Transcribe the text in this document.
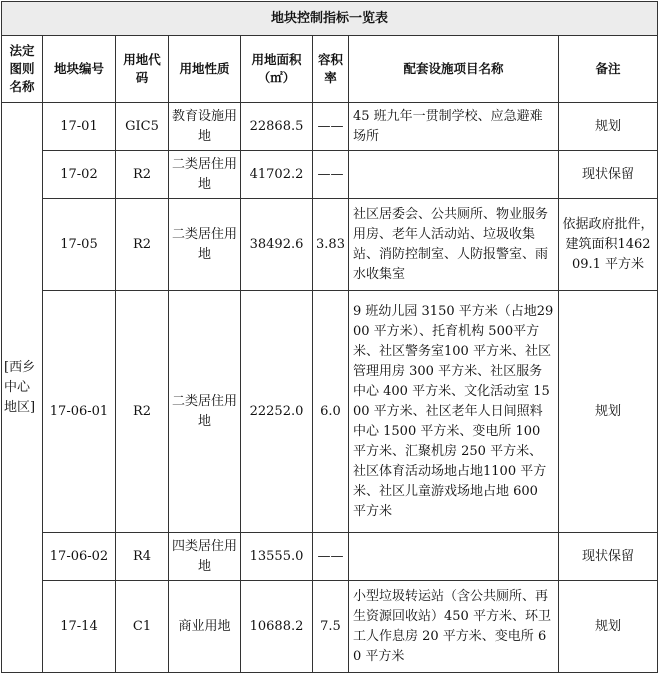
地块控制指标一览表							
法定图则名称	地块编号	用地代码	用地性质	用地面积（㎡）	容积率	配套设施项目名称	备注
[西乡中心地区]	17-01	GIC5	教育设施用地	22868.5	——	45 班九年一贯制学校、应急避难场所	规划
	17-02	R2	二类居住用地	41702.2	——		现状保留
	17-05	R2	二类居住用地	38492.6	3.83	社区居委会、公共厕所、物业服务用房、老年人活动站、垃圾收集站、消防控制室、人防报警室、雨水收集室	依据政府批件，建筑面积146209.1 平方米
	17-06-01	R2	二类居住用地	22252.0	6.0	9 班幼儿园 3150 平方米（占地2900 平方米）、托育机构 500平方米、社区警务室100 平方米、社区管理用房 300 平方米、社区服务中心 400 平方米、文化活动室 1500 平方米、社区老年人日间照料中心 1500 平方米、变电所 100 平方米、汇聚机房 250 平方米、社区体育活动场地占地1100 平方米、社区儿童游戏场地占地 600 平方米	规划
	17-06-02	R4	四类居住用地	13555.0	——		现状保留
	17-14	C1	商业用地	10688.2	7.5	小型垃圾转运站（含公共厕所、再生资源回收站）450 平方米、环卫工人作息房 20 平方米、变电所 60 平方米	规划
